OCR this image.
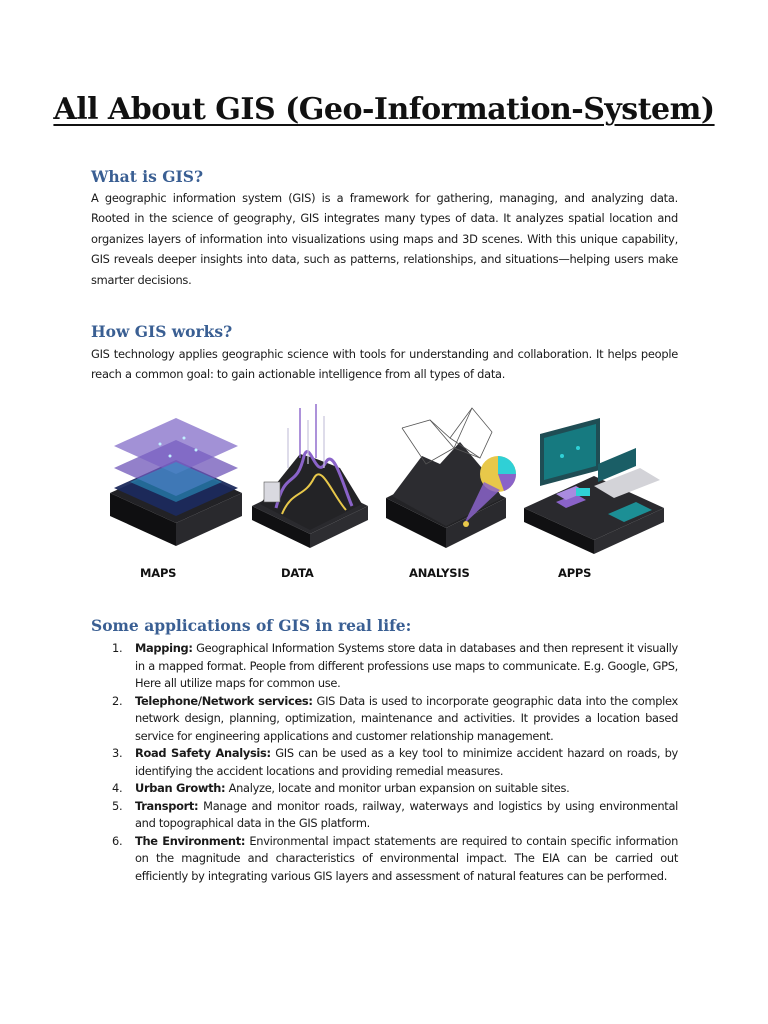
All About GIS (Geo-Information-System)
What is GIS?

A geographic information system (GIS) is a framework for gathering, managing, and analyzing data. Rooted in the science of geography, GIS integrates many types of data. It analyzes spatial location and organizes layers of information into visualizations using maps and 3D scenes. With this unique capability, GIS reveals deeper insights into data, such as patterns, relationships, and situations—helping users make smarter decisions.

How GIS works?

GIS technology applies geographic science with tools for understanding and collaboration. It helps people reach a common goal: to gain actionable intelligence from all types of data.

MAPS	DATA	ANALYSIS	APPS
Some applications of GIS in real life:
1. Mapping: Geographical Information Systems store data in databases and then represent it visually in a mapped format. People from different professions use maps to communicate. E.g. Google, GPS, Here all utilize maps for common use.
2. Telephone/Network services: GIS Data is used to incorporate geographic data into the complex network design, planning, optimization, maintenance and activities. It provides a location based service for engineering applications and customer relationship management.
3. Road Safety Analysis: GIS can be used as a key tool to minimize accident hazard on roads, by identifying the accident locations and providing remedial measures.
4. Urban Growth: Analyze, locate and monitor urban expansion on suitable sites.
5. Transport: Manage and monitor roads, railway, waterways and logistics by using environmental and topographical data in the GIS platform.
6. The Environment: Environmental impact statements are required to contain specific information on the magnitude and characteristics of environmental impact. The EIA can be carried out efficiently by integrating various GIS layers and assessment of natural features can be performed.
